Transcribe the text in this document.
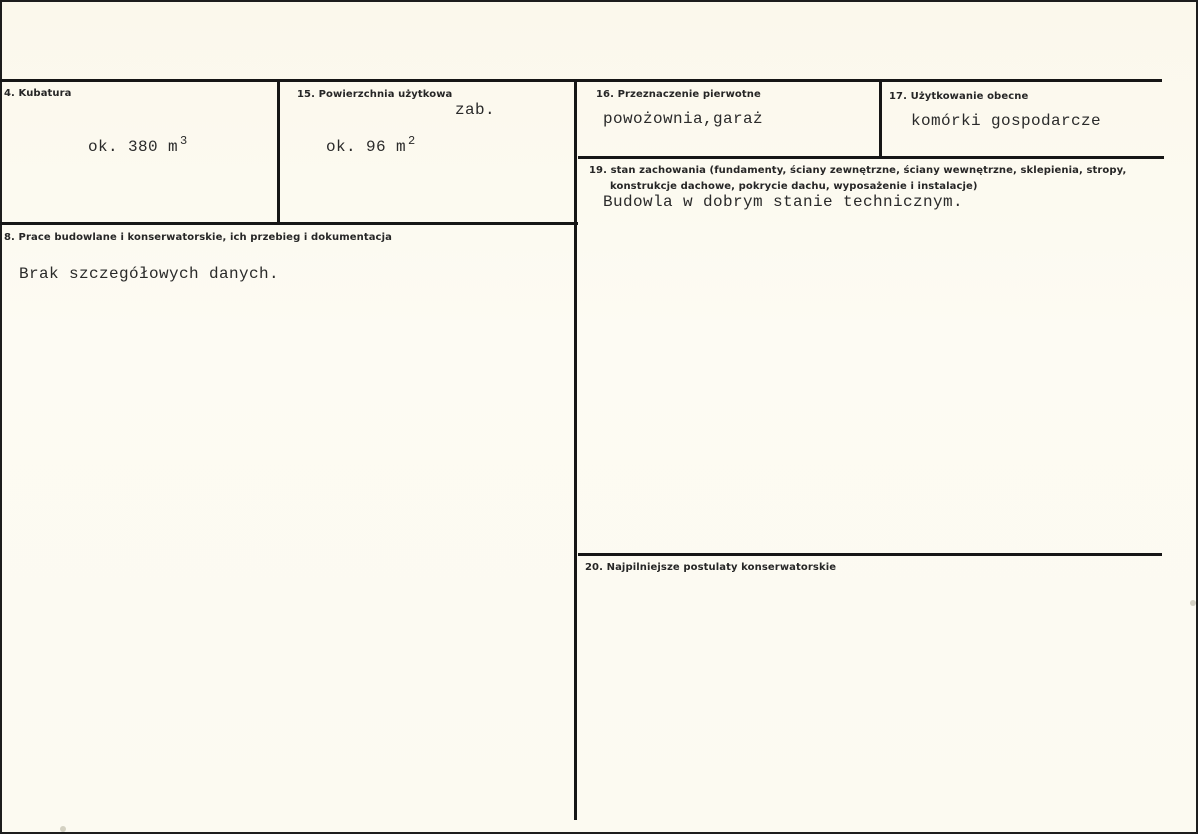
4. Kubatura
ok. 380 m $^3$
15. Powierzchnia użytkowa
zab.
ok. 96 m $^2$
16. Przeznaczenie pierwotne
powożownia,garaż
17. Użytkowanie obecne
komórki gospodarcze
8. Prace budowlane i konserwatorskie, ich przebieg i dokumentacja
Brak szczegółowych danych.
19. stan zachowania (fundamenty, ściany zewnętrzne, ściany wewnętrzne, sklepienia, stropy,
konstrukcje dachowe, pokrycie dachu, wyposażenie i instalacje)
Budowla w dobrym stanie technicznym.
20. Najpilniejsze postulaty konserwatorskie
